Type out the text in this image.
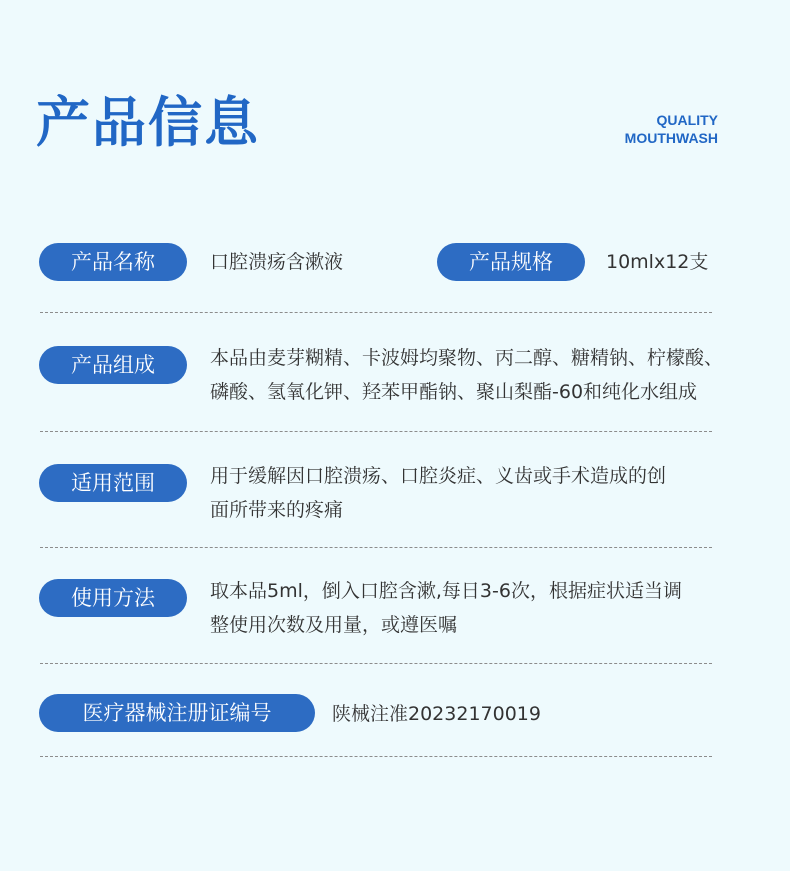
产品信息	QUALITY
MOUTHWASH
产品名称	口腔溃疡含漱液	产品规格	10mlx12支
产品组成	本品由麦芽糊精、卡波姆均聚物、丙二醇、糖精钠、柠檬酸、
磷酸、氢氧化钾、羟苯甲酯钠、聚山梨酯-60和纯化水组成
适用范围	用于缓解因口腔溃疡、口腔炎症、义齿或手术造成的创
面所带来的疼痛
使用方法	取本品5ml，倒入口腔含漱,每日3-6次，根据症状适当调
整使用次数及用量，或遵医嘱
医疗器械注册证编号	陕械注准20232170019
